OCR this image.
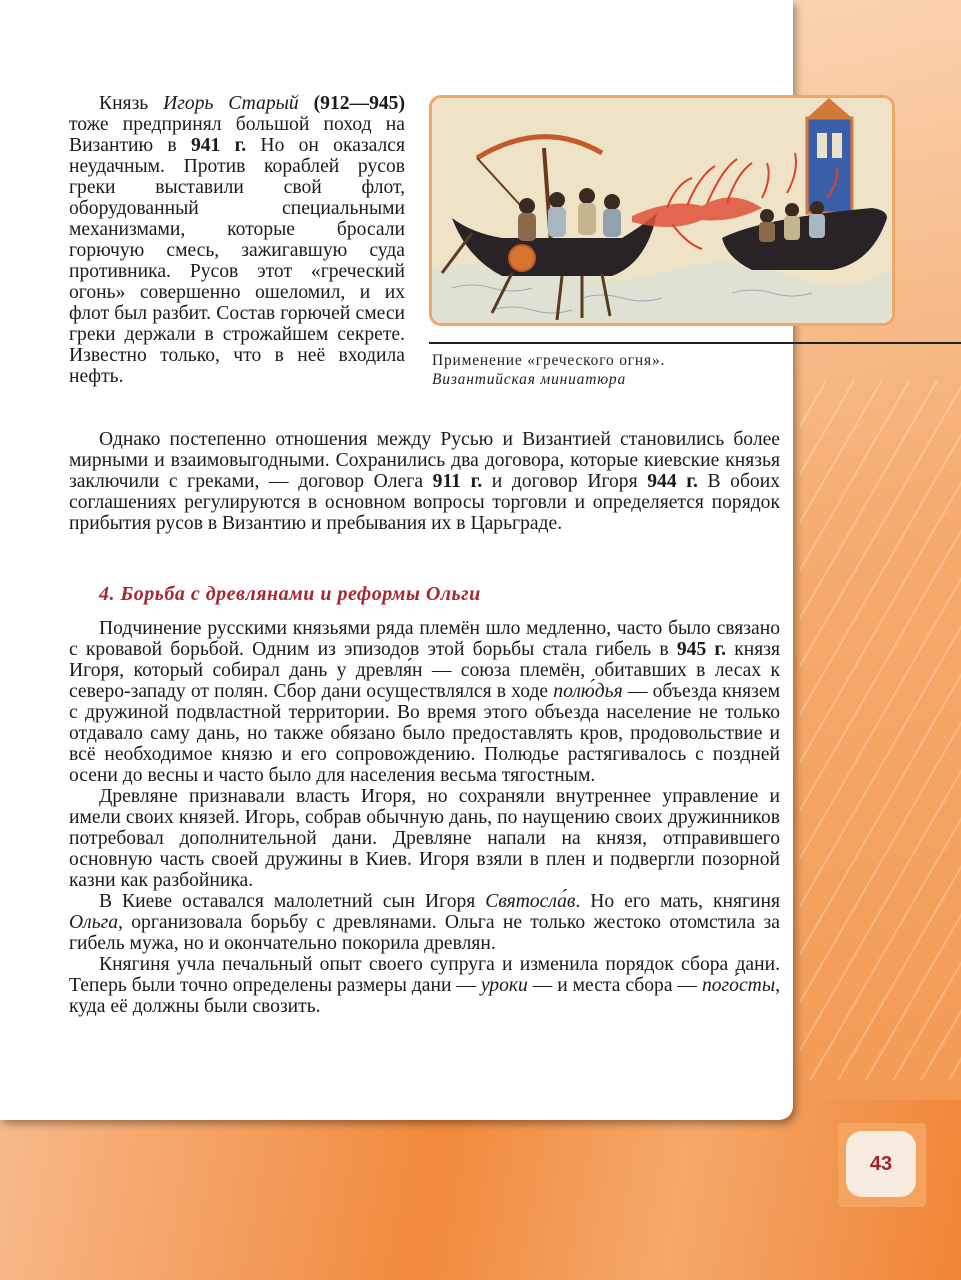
Князь Игорь Старый (912—945) тоже предпринял большой поход на Византию в 941 г. Но он оказался неудачным. Против кораблей русов греки выставили свой флот, оборудованный специальными механизмами, которые бросали горючую смесь, зажигавшую суда противника. Русов этот «греческий огонь» совершенно ошеломил, и их флот был разбит. Состав горючей смеси греки держали в строжайшем секрете. Известно только, что в неё входила нефть.

Применение «греческого огня».
Византийская миниатюра

Однако постепенно отношения между Русью и Византией становились более мирными и взаимовыгодными. Сохранились два договора, которые киевские князья заключили с греками, — договор Олега 911 г. и договор Игоря 944 г. В обоих соглашениях регулируются в основном вопросы торговли и определяется порядок прибытия русов в Византию и пребывания их в Царьграде.

4. Борьба с древлянами и реформы Ольги

Подчинение русскими князьями ряда племён шло медленно, часто было связано с кровавой борьбой. Одним из эпизодов этой борьбы стала гибель в 945 г. князя Игоря, который собирал дань у древля́н — союза племён, обитавших в лесах к северо-западу от полян. Сбор дани осуществлялся в ходе полю́дья — объезда князем с дружиной подвластной территории. Во время этого объезда население не только отдавало саму дань, но также обязано было предоставлять кров, продовольствие и всё необходимое князю и его сопровождению. Полюдье растягивалось с поздней осени до весны и часто было для населения весьма тягостным.

Древляне признавали власть Игоря, но сохраняли внутреннее управление и имели своих князей. Игорь, собрав обычную дань, по наущению своих дружинников потребовал дополнительной дани. Древляне напали на князя, отправившего основную часть своей дружины в Киев. Игоря взяли в плен и подвергли позорной казни как разбойника.

В Киеве оставался малолетний сын Игоря Святосла́в. Но его мать, княгиня Ольга, организовала борьбу с древлянами. Ольга не только жестоко отомстила за гибель мужа, но и окончательно покорила древлян.

Княгиня учла печальный опыт своего супруга и изменила порядок сбора дани. Теперь были точно определены размеры дани — уроки — и места сбора — пого́сты, куда её должны были свозить.

43
